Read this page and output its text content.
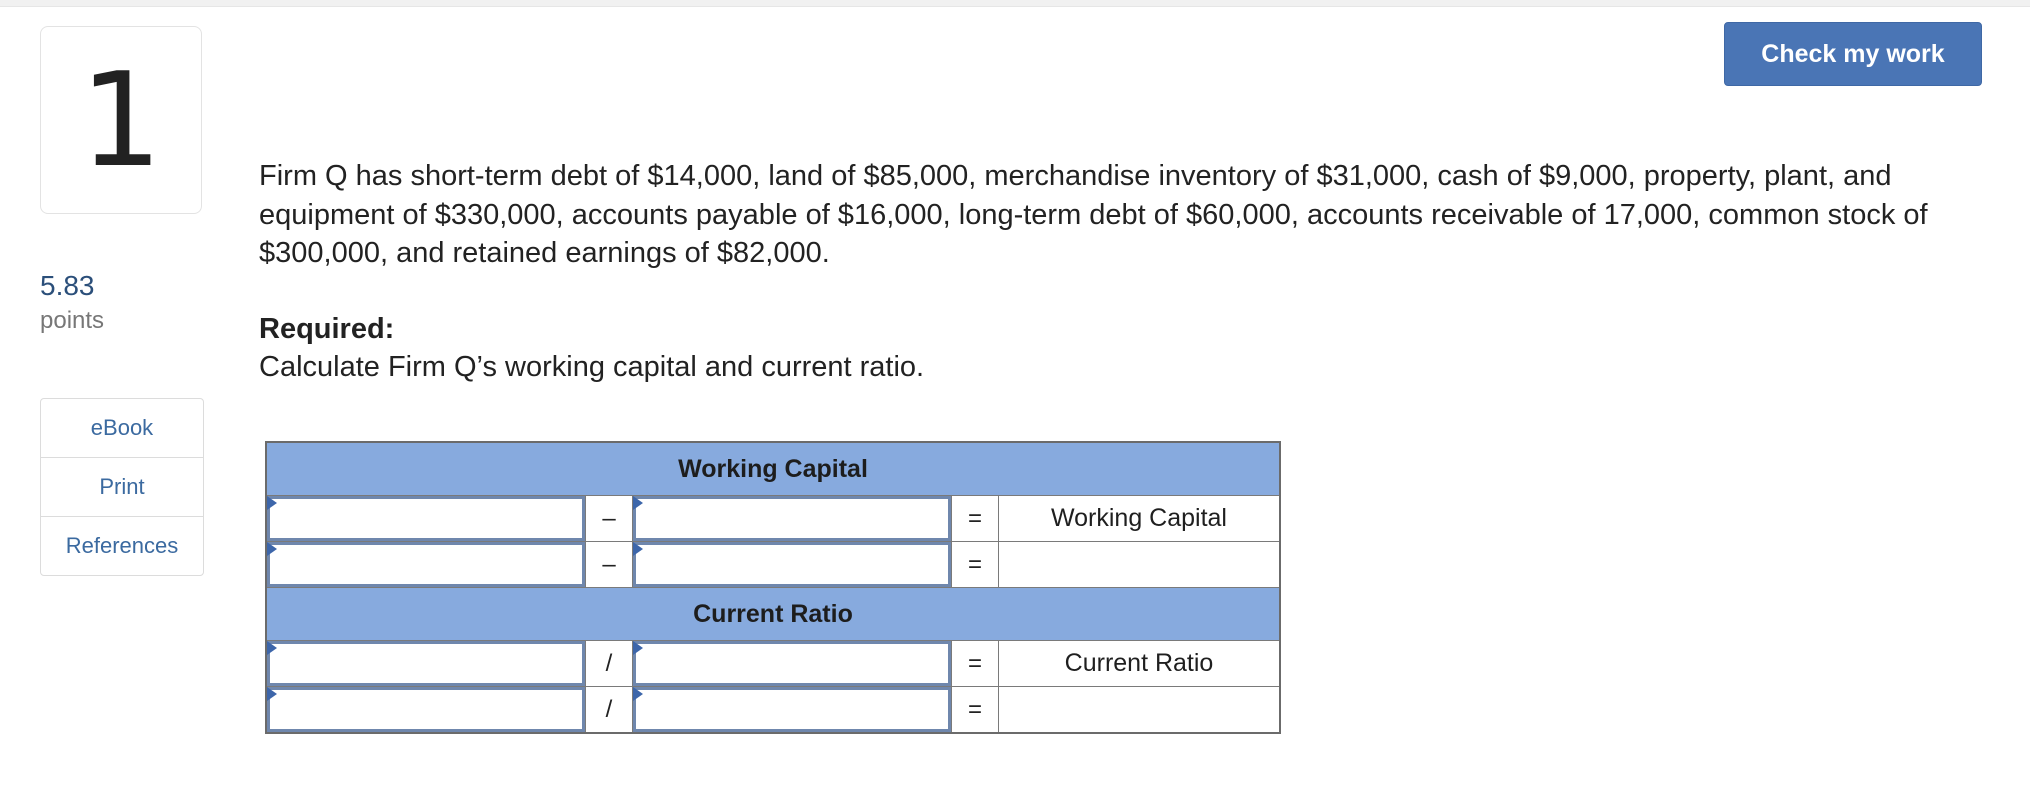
1
5.83
points
eBook
Print
References
Check my work
Firm Q has short-term debt of $14,000, land of $85,000, merchandise inventory of $31,000, cash of $9,000, property, plant, and equipment of $330,000, accounts payable of $16,000, long-term debt of $60,000, accounts receivable of 17,000, common stock of $300,000, and retained earnings of $82,000.
Required:
Calculate Firm Q’s working capital and current ratio.
Working Capital				

	–		=	Working Capital

	–		=	
Current Ratio				

	/		=	Current Ratio

	/		=	
